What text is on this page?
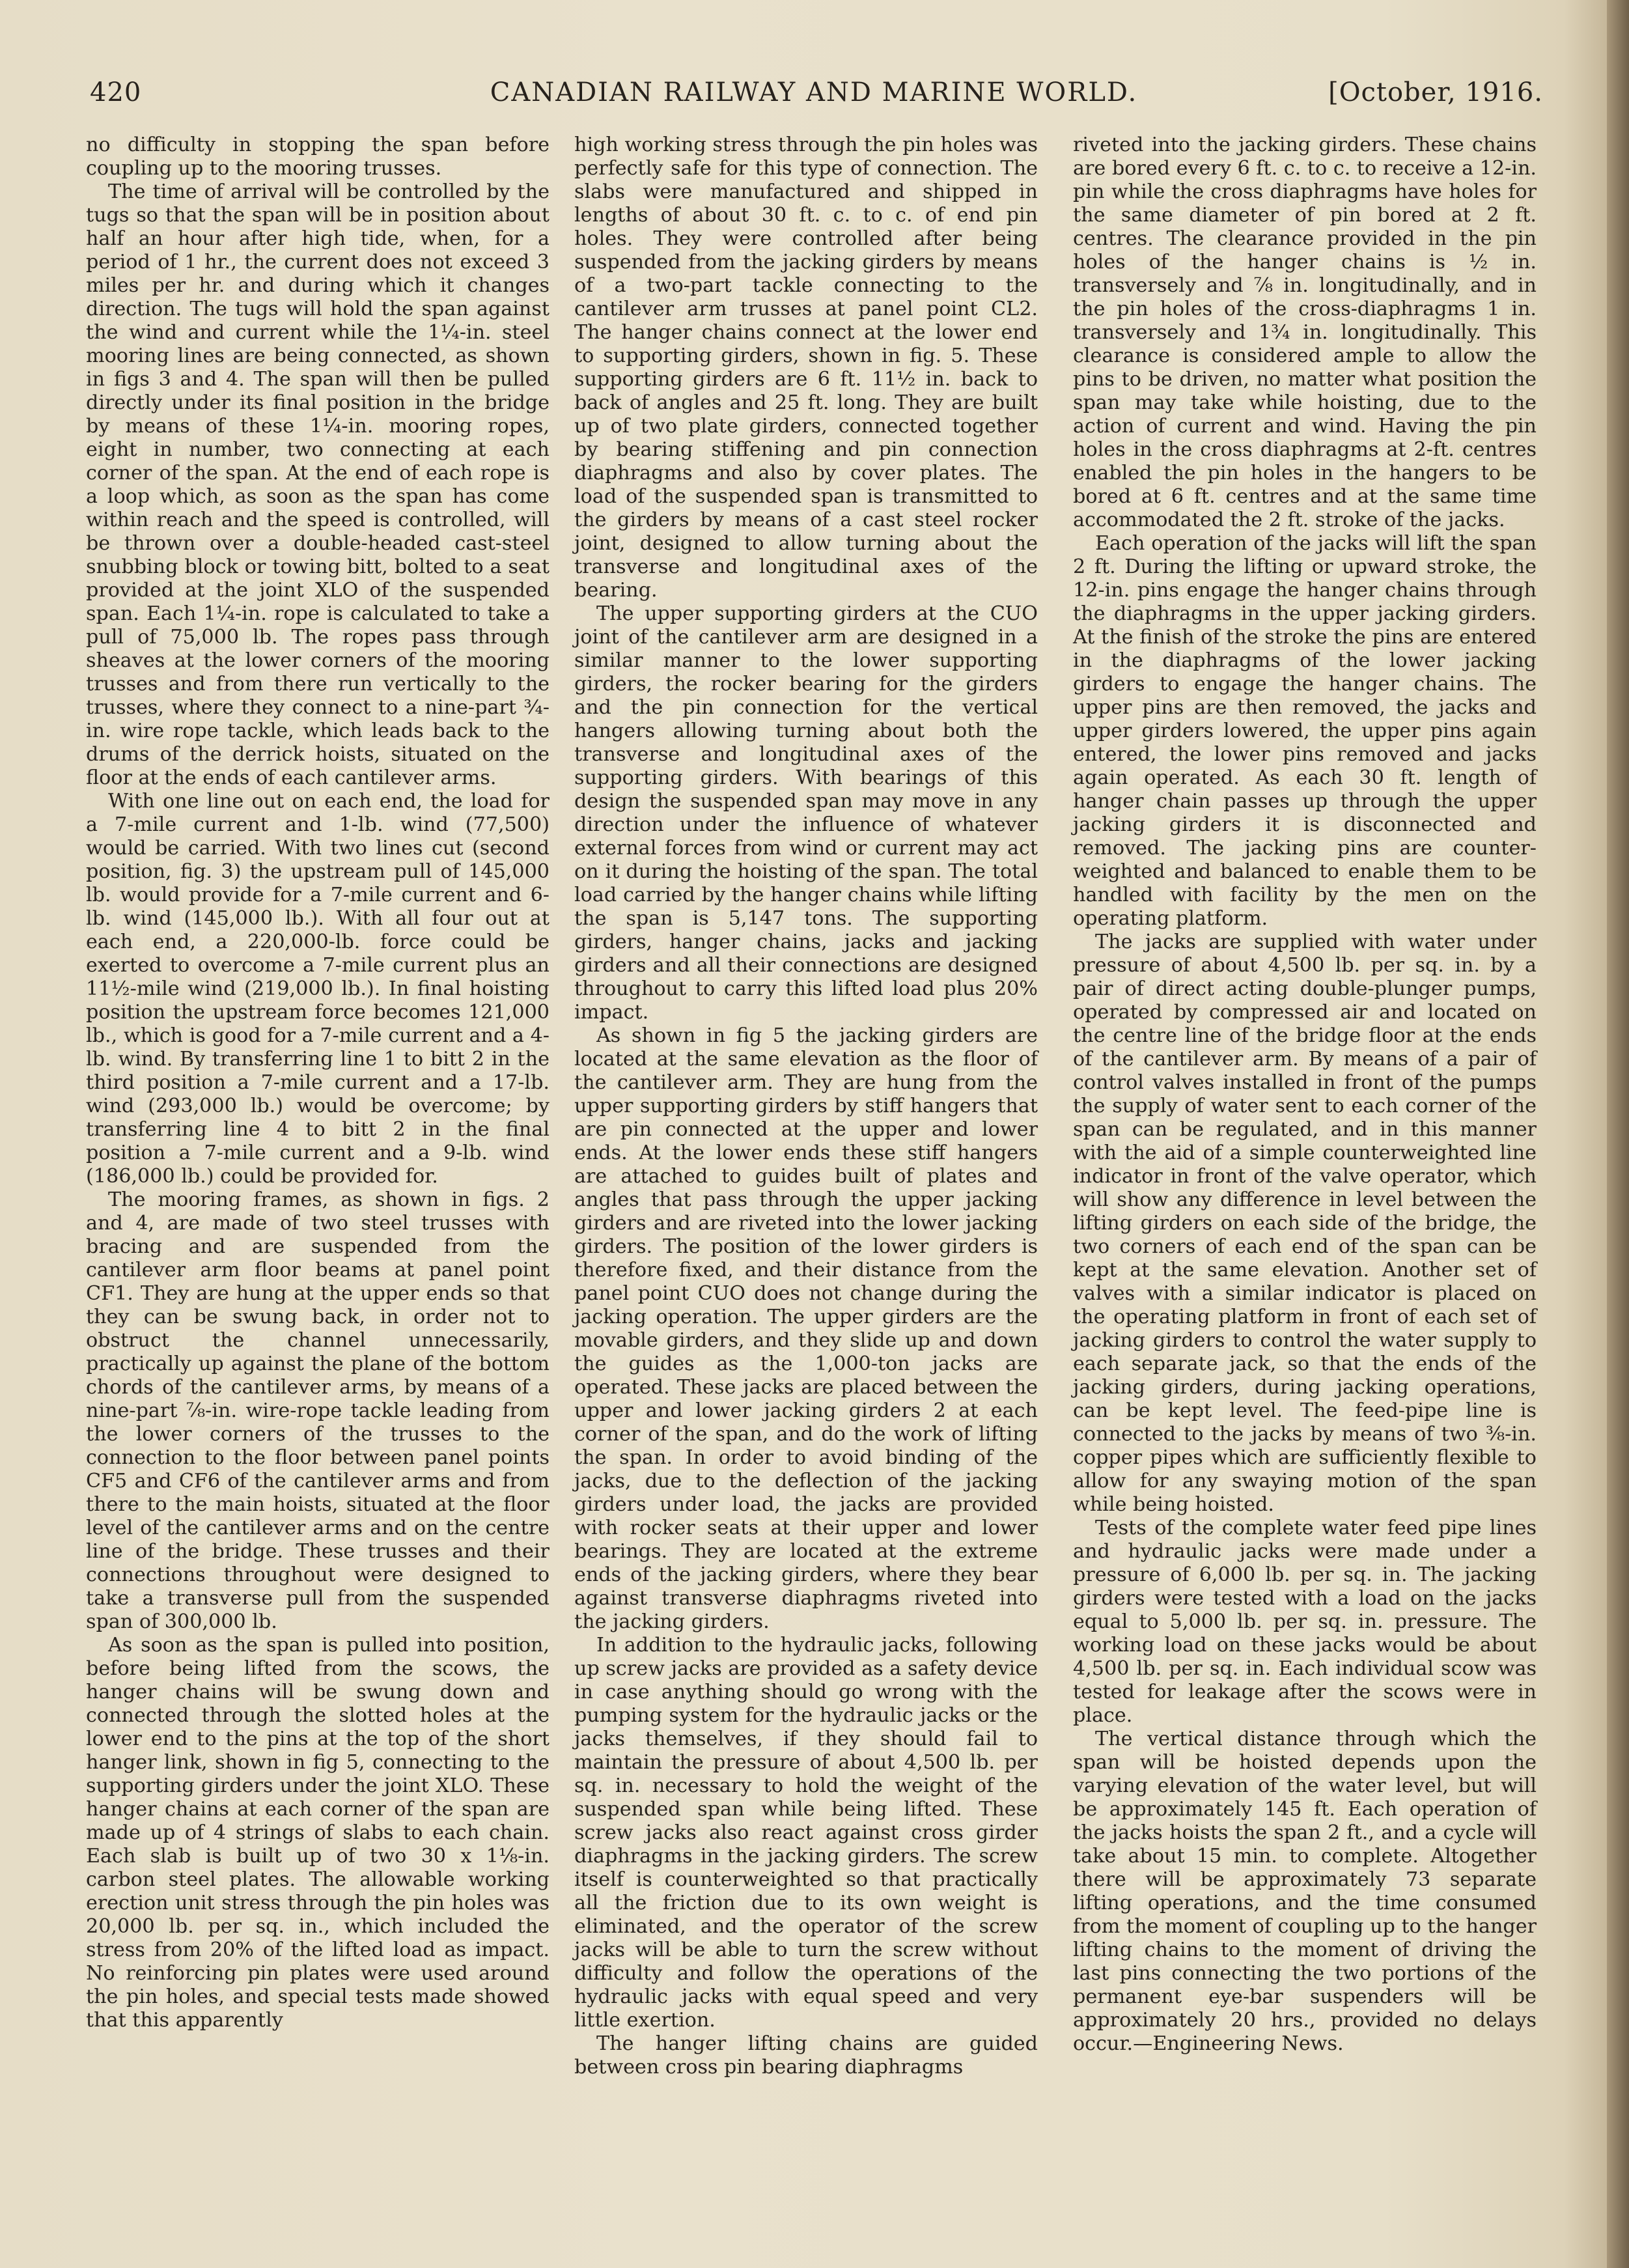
420	CANADIAN RAILWAY AND MARINE WORLD.	[October, 1916.

no difficulty in stopping the span before coupling up to the mooring trusses.

The time of arrival will be controlled by the tugs so that the span will be in position about half an hour after high tide, when, for a period of 1 hr., the current does not exceed 3 miles per hr. and during which it changes direction. The tugs will hold the span against the wind and current while the 1¼-in. steel mooring lines are being connected, as shown in figs 3 and 4. The span will then be pulled directly under its final position in the bridge by means of these 1¼-in. mooring ropes, eight in number, two connecting at each corner of the span. At the end of each rope is a loop which, as soon as the span has come within reach and the speed is controlled, will be thrown over a double-headed cast-steel snubbing block or towing bitt, bolted to a seat provided at the joint XLO of the suspended span. Each 1¼-in. rope is calculated to take a pull of 75,000 lb. The ropes pass through sheaves at the lower corners of the mooring trusses and from there run vertically to the trusses, where they connect to a nine-part ¾-in. wire rope tackle, which leads back to the drums of the derrick hoists, situated on the floor at the ends of each cantilever arms.

With one line out on each end, the load for a 7-mile current and 1-lb. wind (77,500) would be carried. With two lines cut (second position, fig. 3) the upstream pull of 145,000 lb. would provide for a 7-mile current and 6-lb. wind (145,000 lb.). With all four out at each end, a 220,000-lb. force could be exerted to overcome a 7-mile current plus an 11½-mile wind (219,000 lb.). In final hoisting position the upstream force becomes 121,000 lb., which is good for a 7-mile current and a 4-lb. wind. By transferring line 1 to bitt 2 in the third position a 7-mile current and a 17-lb. wind (293,000 lb.) would be overcome; by transferring line 4 to bitt 2 in the final position a 7-mile current and a 9-lb. wind (186,000 lb.) could be provided for.

The mooring frames, as shown in figs. 2 and 4, are made of two steel trusses with bracing and are suspended from the cantilever arm floor beams at panel point CF1. They are hung at the upper ends so that they can be swung back, in order not to obstruct the channel unnecessarily, practically up against the plane of the bottom chords of the cantilever arms, by means of a nine-part ⅞-in. wire-rope tackle leading from the lower corners of the trusses to the connection to the floor between panel points CF5 and CF6 of the cantilever arms and from there to the main hoists, situated at the floor level of the cantilever arms and on the centre line of the bridge. These trusses and their connections throughout were designed to take a transverse pull from the suspended span of 300,000 lb.

As soon as the span is pulled into position, before being lifted from the scows, the hanger chains will be swung down and connected through the slotted holes at the lower end to the pins at the top of the short hanger link, shown in fig 5, connecting to the supporting girders under the joint XLO. These hanger chains at each corner of the span are made up of 4 strings of slabs to each chain. Each slab is built up of two 30 x 1⅛-in. carbon steel plates. The allowable working erection unit stress through the pin holes was 20,000 lb. per sq. in., which included the stress from 20% of the lifted load as impact. No reinforcing pin plates were used around the pin holes, and special tests made showed that this apparently

high working stress through the pin holes was perfectly safe for this type of connection. The slabs were manufactured and shipped in lengths of about 30 ft. c. to c. of end pin holes. They were controlled after being suspended from the jacking girders by means of a two-part tackle connecting to the cantilever arm trusses at panel point CL2. The hanger chains connect at the lower end to supporting girders, shown in fig. 5. These supporting girders are 6 ft. 11½ in. back to back of angles and 25 ft. long. They are built up of two plate girders, connected together by bearing stiffening and pin connection diaphragms and also by cover plates. The load of the suspended span is transmitted to the girders by means of a cast steel rocker joint, designed to allow turning about the transverse and longitudinal axes of the bearing.

The upper supporting girders at the CUO joint of the cantilever arm are designed in a similar manner to the lower supporting girders, the rocker bearing for the girders and the pin connection for the vertical hangers allowing turning about both the transverse and longitudinal axes of the supporting girders. With bearings of this design the suspended span may move in any direction under the influence of whatever external forces from wind or current may act on it during the hoisting of the span. The total load carried by the hanger chains while lifting the span is 5,147 tons. The supporting girders, hanger chains, jacks and jacking girders and all their connections are designed throughout to carry this lifted load plus 20% impact.

As shown in fig 5 the jacking girders are located at the same elevation as the floor of the cantilever arm. They are hung from the upper supporting girders by stiff hangers that are pin connected at the upper and lower ends. At the lower ends these stiff hangers are attached to guides built of plates and angles that pass through the upper jacking girders and are riveted into the lower jacking girders. The position of the lower girders is therefore fixed, and their distance from the panel point CUO does not change during the jacking operation. The upper girders are the movable girders, and they slide up and down the guides as the 1,000-ton jacks are operated. These jacks are placed between the upper and lower jacking girders 2 at each corner of the span, and do the work of lifting the span. In order to avoid binding of the jacks, due to the deflection of the jacking girders under load, the jacks are provided with rocker seats at their upper and lower bearings. They are located at the extreme ends of the jacking girders, where they bear against transverse diaphragms riveted into the jacking girders.

In addition to the hydraulic jacks, following up screw jacks are provided as a safety device in case anything should go wrong with the pumping system for the hydraulic jacks or the jacks themselves, if they should fail to maintain the pressure of about 4,500 lb. per sq. in. necessary to hold the weight of the suspended span while being lifted. These screw jacks also react against cross girder diaphragms in the jacking girders. The screw itself is counterweighted so that practically all the friction due to its own weight is eliminated, and the operator of the screw jacks will be able to turn the screw without difficulty and follow the operations of the hydraulic jacks with equal speed and very little exertion.

The hanger lifting chains are guided between cross pin bearing diaphragms

riveted into the jacking girders. These chains are bored every 6 ft. c. to c. to receive a 12-in. pin while the cross diaphragms have holes for the same diameter of pin bored at 2 ft. centres. The clearance provided in the pin holes of the hanger chains is ½ in. transversely and ⅞ in. longitudinally, and in the pin holes of the cross-diaphragms 1 in. transversely and 1¾ in. longitudinally. This clearance is considered ample to allow the pins to be driven, no matter what position the span may take while hoisting, due to the action of current and wind. Having the pin holes in the cross diaphragms at 2-ft. centres enabled the pin holes in the hangers to be bored at 6 ft. centres and at the same time accommodated the 2 ft. stroke of the jacks.

Each operation of the jacks will lift the span 2 ft. During the lifting or upward stroke, the 12-in. pins engage the hanger chains through the diaphragms in the upper jacking girders. At the finish of the stroke the pins are entered in the diaphragms of the lower jacking girders to engage the hanger chains. The upper pins are then removed, the jacks and upper girders lowered, the upper pins again entered, the lower pins removed and jacks again operated. As each 30 ft. length of hanger chain passes up through the upper jacking girders it is disconnected and removed. The jacking pins are counter-weighted and balanced to enable them to be handled with facility by the men on the operating platform.

The jacks are supplied with water under pressure of about 4,500 lb. per sq. in. by a pair of direct acting double-plunger pumps, operated by compressed air and located on the centre line of the bridge floor at the ends of the cantilever arm. By means of a pair of control valves installed in front of the pumps the supply of water sent to each corner of the span can be regulated, and in this manner with the aid of a simple counterweighted line indicator in front of the valve operator, which will show any difference in level between the lifting girders on each side of the bridge, the two corners of each end of the span can be kept at the same elevation. Another set of valves with a similar indicator is placed on the operating platform in front of each set of jacking girders to control the water supply to each separate jack, so that the ends of the jacking girders, during jacking operations, can be kept level. The feed-pipe line is connected to the jacks by means of two ⅜-in. copper pipes which are sufficiently flexible to allow for any swaying motion of the span while being hoisted.

Tests of the complete water feed pipe lines and hydraulic jacks were made under a pressure of 6,000 lb. per sq. in. The jacking girders were tested with a load on the jacks equal to 5,000 lb. per sq. in. pressure. The working load on these jacks would be about 4,500 lb. per sq. in. Each individual scow was tested for leakage after the scows were in place.

The vertical distance through which the span will be hoisted depends upon the varying elevation of the water level, but will be approximately 145 ft. Each operation of the jacks hoists the span 2 ft., and a cycle will take about 15 min. to complete. Altogether there will be approximately 73 separate lifting operations, and the time consumed from the moment of coupling up to the hanger lifting chains to the moment of driving the last pins connecting the two portions of the permanent eye-bar suspenders will be approximately 20 hrs., provided no delays occur.—Engineering News.
